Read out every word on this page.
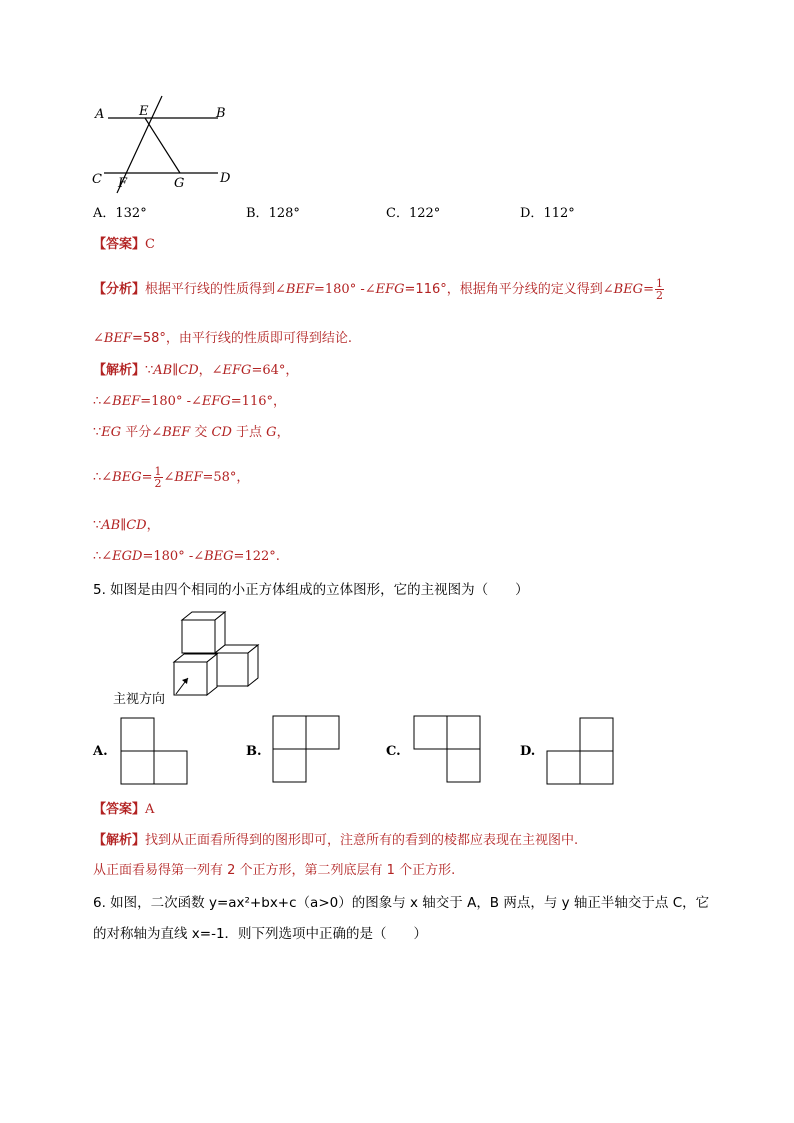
A	E	B
C F	G	D
A．132°	B．128°	C．122°	D．112°
【答案】C
【分析】根据平行线的性质得到∠BEF=180° -∠EFG=116°，根据角平分线的定义得到∠BEG= $\frac{1}{2}$
∠BEF=58°，由平行线的性质即可得到结论.
【解析】∵AB∥CD，∠EFG=64°，
∴∠BEF=180° -∠EFG=116°，
∵EG 平分∠BEF 交 CD 于点 G，
∴∠BEG= $\frac{1}{2}$ ∠BEF=58°，
∵AB∥CD，
∴∠EGD=180° -∠BEG=122°.
5. 如图是由四个相同的小正方体组成的立体图形，它的主视图为（　　）
主视方向
A.	B.	C.	D.
【答案】A
【解析】找到从正面看所得到的图形即可，注意所有的看到的棱都应表现在主视图中.
从正面看易得第一列有 2 个正方形，第二列底层有 1 个正方形.
6. 如图，二次函数 y=ax²+bx+c（a>0）的图象与 x 轴交于 A，B 两点，与 y 轴正半轴交于点 C，它
的对称轴为直线 x=-1．则下列选项中正确的是（　　）
